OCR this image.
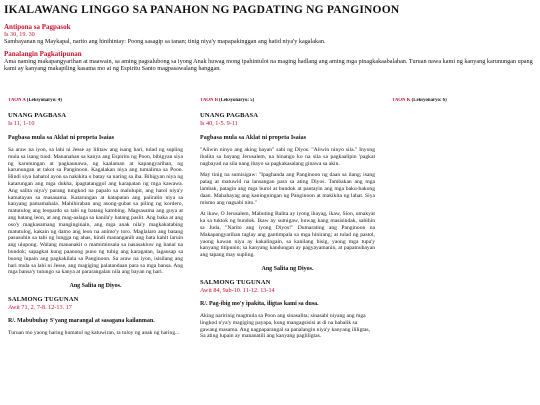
IKALAWANG LINGGO SA PANAHON NG PAGDATING NG PANGINOON
Antipona sa Pagpasok
Is 30, 19. 30

Sambayanan ng Maykapal, narito ang hinihintay: Poong sasagip sa tanan; tinig niya'y mapapakinggan ang hatid niya'y kagalakan.

Panalangin Pagkatipunan

Ama naming makapangyarihan at maawain, sa aming pagsalubong sa iyong Anak huwag mong ipahintulot na maging hadlang ang aming mga pinagkakaabalahan. Turuan nawa kami ng kanyang karunungan upang kami ay kanyang makapiling kasama mo at ng Espiritu Santo magpasawalang hanggan.

TAON A (Leksyonaryo: 4)
UNANG PAGBASA
Is 11, 1-10
Pagbasa mula sa Aklat ni propeta Isaias

Sa araw na iyon, sa lahi ni Jesse ay lilitaw ang isang hari, tulad ng supling mula sa isang tuod. Mananahan sa kanya ang Espiritu ng Poon, bibigyan siya ng karunungan at pagkaunawa, ng kaalaman at kapangyarihan, ng karunungan at takot sa Panginoon. Kagalakan niya ang tumalima sa Poon. Hindi siya hahatol ayon sa nakikita o batay sa naring sa iba. Bibigyan niya ng katarungan ang mga dukha, ipagtatanggol ang karapatan ng mga kawawa. Ang salita niya'y parang tungkod na papalo sa malulupit, ang hatol niya'y kamatayan sa masasama. Katarungan at katapatan ang paiiralin niya sa kanyang pamamahala. Mahihiraban ang asong-gubat sa piling ng kordero, matutulog ang leopardo sa tabi ng batang kambing. Magsasama ang guya at ang batang leon, at ang mag-aalaga sa kanila'y batang paslit. Ang baka at ang oso'y magkasamang manginginain, ang mga anak nila'y magkakatabing matutulog, kakain ng damo ang leon na animo'y toro. Maglalaro ang batang pasusuhin sa tabi ng lungga ng ahas, hindi mananganib ang bata kahit laruin ang ulupong. Walang mananakit o mamiminsala sa nasasakluw ng banal na bundok; sapagkat kung paanong puno ng tubig ang karagatan, lagausap sa buong lupain ang pagkakilala sa Panginoon. Sa araw na iyon, isisilang ang hari mula sa lahi ni Jesse, ang magiging palatandaan para sa mga bansa. Ang mga bansa'y tutungo sa kanya at pararangalan nila ang bayan ng hari.

Ang Salita ng Diyos.
SALMONG TUGUNAN
Awit 71, 2. 7-8. 12-13. 17
R/. Mabubuhay S'yang marangal at sasagana kailanman.

Turuan mo yaong haring humatol ng katuwiran, ta tuloy ng anak ng haring...

TAON B (Leksyonaryo: 5)
UNANG PAGBASA
Is 40, 1-5. 9-11
Pagbasa mula sa Aklat ni propeta Isaias

"Aliwin ninyo ang aking bayan" sabi ng Diyos. "Aliwin ninyo sila." Inyong ibalita sa bayang Jerusalem, na hinango ko na sila sa pagkaalipin 'pagkat nagbayad na sila nang ibayo sa pagkakasalang ginawa sa akin.

May tinig na sumisigaw: "Ipaghanda ang Panginoon ng daan sa ilang; isang patag at matuwid na lansangan para sa ating Diyos. Tambakan ang mga lambak, patagin ang mga burol at bundok at pantayin ang mga baku-bakong daan. Mahahayag ang kaningningan ng Panginoon at makikita ng lahat. Siya mismo ang nagsabi nito."

At ikaw, O Jerusalem, Mabuting Balita ay iyong ihayag, ikaw, Sion, umakyat ka sa tuktok ng bundok. Ikaw ay sumigaw, huwag kang masisindak, sabihin sa Juda, "Narito ang iyong Diyos!" Dumarating ang Panginoon na Makapangyarihan taglay ang gantimpala sa mga hinirang; at tulad ng pastol, yaong kawan niya ay kakalingain, sa kanilang bisig, yaong mga tupa'y kanyang titipunin; sa kanyang kandungan ay pagyayamanin, at papatnubayan ang tapang may supling.

Ang Salita ng Diyos.
SALMONG TUGUNAN
Awit 84, 9ab-10. 11-12. 13-14
R/. Pag-ibig mo'y ipakita, iligtas kami sa dusa.

Aking naririnig magmula sa Poon ang sinasalita; sinasabi niyang ang mga lingkod n'ya'y magiging payapa, kung mangagsisisi at di na babalik sa gawang masama. Ang nagpaparangal sa panalangin niya'y kanyang ililigtas, Sa ating lupain ay mananatili ang kanyang pagliligtas.

TAON K (Leksyonaryo: 6)
